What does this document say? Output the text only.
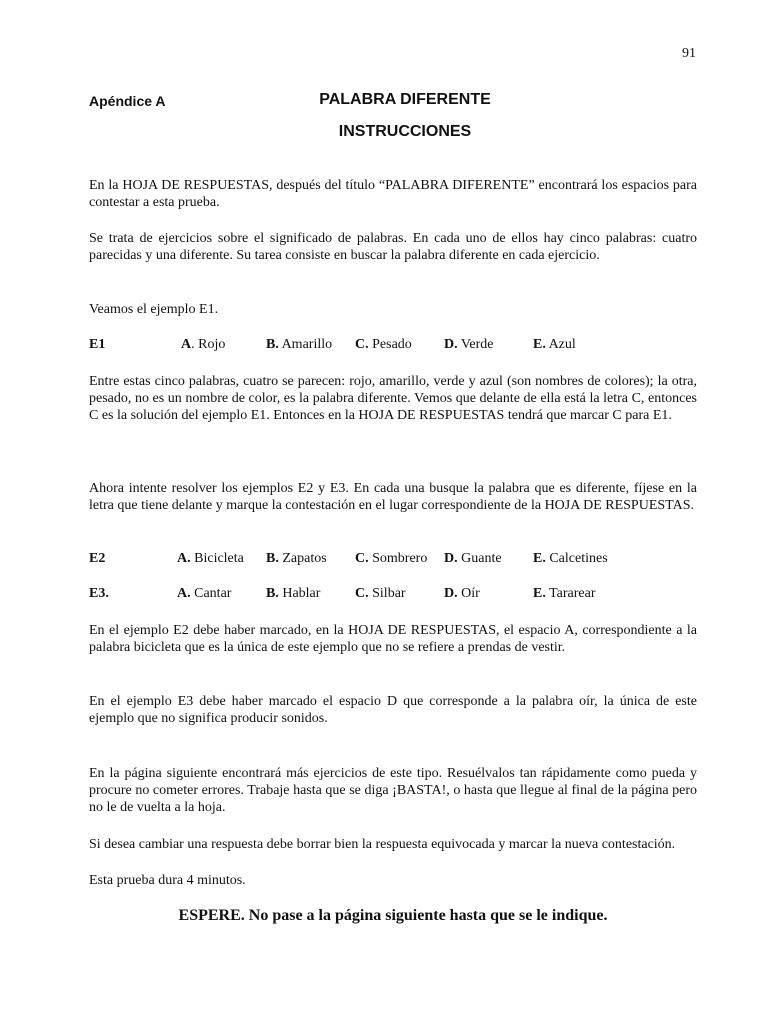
91
Apéndice A	PALABRA DIFERENTE
INSTRUCCIONES

En la HOJA DE RESPUESTAS, después del título “PALABRA DIFERENTE” encontrará los espacios para contestar a esta prueba.

Se trata de ejercicios sobre el significado de palabras. En cada uno de ellos hay cinco palabras: cuatro parecidas y una diferente. Su tarea consiste en buscar la palabra diferente en cada ejercicio.

Veamos el ejemplo E1.

E1	A. Rojo	B. Amarillo C. Pesado D. Verde	E. Azul

Entre estas cinco palabras, cuatro se parecen: rojo, amarillo, verde y azul (son nombres de colores); la otra, pesado, no es un nombre de color, es la palabra diferente. Vemos que delante de ella está la letra C, entonces C es la solución del ejemplo E1. Entonces en la HOJA DE RESPUESTAS tendrá que marcar C para E1.

Ahora intente resolver los ejemplos E2 y E3. En cada una busque la palabra que es diferente, fíjese en la letra que tiene delante y marque la contestación en el lugar correspondiente de la HOJA DE RESPUESTAS.

E2	A. Bicicleta B. Zapatos C. Sombrero D. Guante E. Calcetines
E3.	A. Cantar B. Hablar C. Silbar	D. Oír	E. Tararear

En el ejemplo E2 debe haber marcado, en la HOJA DE RESPUESTAS, el espacio A, correspondiente a la palabra bicicleta que es la única de este ejemplo que no se refiere a prendas de vestir.

En el ejemplo E3 debe haber marcado el espacio D que corresponde a la palabra oír, la única de este ejemplo que no significa producir sonidos.

En la página siguiente encontrará más ejercicios de este tipo. Resuélvalos tan rápidamente como pueda y procure no cometer errores. Trabaje hasta que se diga ¡BASTA!, o hasta que llegue al final de la página pero no le de vuelta a la hoja.

Si desea cambiar una respuesta debe borrar bien la respuesta equivocada y marcar la nueva contestación.

Esta prueba dura 4 minutos.

ESPERE. No pase a la página siguiente hasta que se le indique.
